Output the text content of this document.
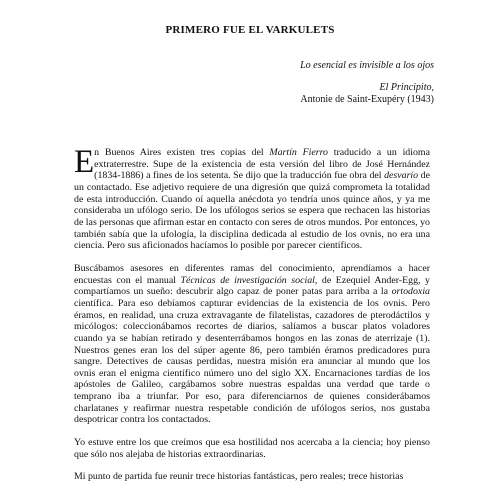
PRIMERO FUE EL VARKULETS
Lo esencial es invisible a los ojos
El Principito,
Antonie de Saint-Exupéry (1943)

En Buenos Aires existen tres copias del Martín Fierro traducido a un idioma extraterrestre. Supe de la existencia de esta versión del libro de José Hernández (1834-1886) a fines de los setenta. Se dijo que la traducción fue obra del desvarío de un contactado. Ese adjetivo requiere de una digresión que quizá comprometa la totalidad de esta introducción. Cuando oí aquella anécdota yo tendría unos quince años, y ya me consideraba un ufólogo serio. De los ufólogos serios se espera que rechacen las historias de las personas que afirman estar en contacto con seres de otros mundos. Por entonces, yo también sabía que la ufología, la disciplina dedicada al estudio de los ovnis, no era una ciencia. Pero sus aficionados hacíamos lo posible por parecer científicos.

Buscábamos asesores en diferentes ramas del conocimiento, aprendíamos a hacer encuestas con el manual Técnicas de investigación social, de Ezequiel Ander-Egg, y compartíamos un sueño: descubrir algo capaz de poner patas para arriba a la ortodoxia científica. Para eso debíamos capturar evidencias de la existencia de los ovnis. Pero éramos, en realidad, una cruza extravagante de filatelistas, cazadores de pterodáctilos y micólogos: coleccionábamos recortes de diarios, salíamos a buscar platos voladores cuando ya se habían retirado y desenterrábamos hongos en las zonas de aterrizaje (1). Nuestros genes eran los del súper agente 86, pero también éramos predicadores pura sangre. Detectives de causas perdidas, nuestra misión era anunciar al mundo que los ovnis eran el enigma científico número uno del siglo XX. Encarnaciones tardías de los apóstoles de Galileo, cargábamos sobre nuestras espaldas una verdad que tarde o temprano iba a triunfar. Por eso, para diferenciarnos de quienes considerábamos charlatanes y reafirmar nuestra respetable condición de ufólogos serios, nos gustaba despotricar contra los contactados.

Yo estuve entre los que creímos que esa hostilidad nos acercaba a la ciencia; hoy pienso que sólo nos alejaba de historias extraordinarias.

Mi punto de partida fue reunir trece historias fantásticas, pero reales; trece historias
